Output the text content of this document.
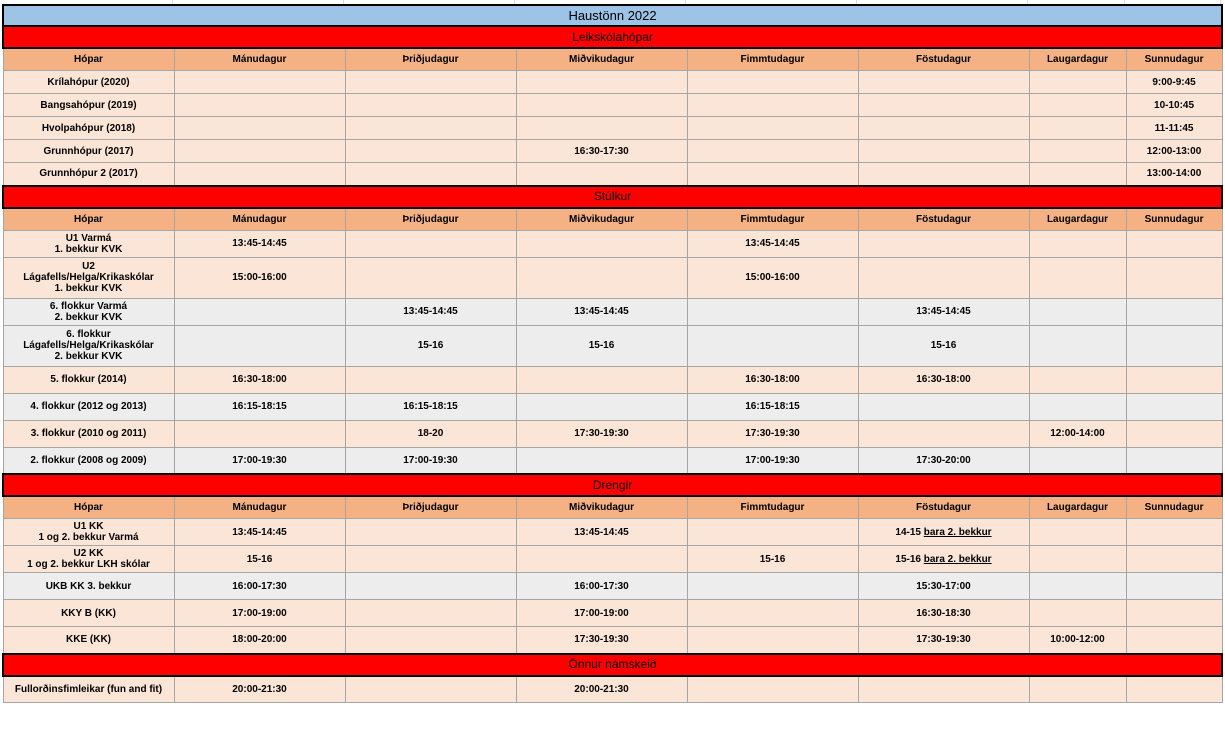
Haustönn 2022							
Leikskólahópar							
Hópar	Mánudagur	Þriðjudagur	Miðvikudagur	Fimmtudagur	Föstudagur	Laugardagur	Sunnudagur
Krílahópur (2020)							9:00-9:45
Bangsahópur (2019)							10-10:45
Hvolpahópur (2018)							11-11:45
Grunnhópur (2017)			16:30-17:30				12:00-13:00
Grunnhópur 2 (2017)							13:00-14:00
Stúlkur							
Hópar	Mánudagur	Þriðjudagur	Miðvikudagur	Fimmtudagur	Föstudagur	Laugardagur	Sunnudagur
U1 Varmá
1. bekkur KVK	13:45-14:45			13:45-14:45			
U2
Lágafells/Helga/Krikaskólar
1. bekkur KVK	15:00-16:00			15:00-16:00			
6. flokkur Varmá
2. bekkur KVK		13:45-14:45	13:45-14:45		13:45-14:45		
6. flokkur
Lágafells/Helga/Krikaskólar
2. bekkur KVK		15-16	15-16		15-16		
5. flokkur (2014)	16:30-18:00			16:30-18:00	16:30-18:00		
4. flokkur (2012 og 2013)	16:15-18:15	16:15-18:15		16:15-18:15			
3. flokkur (2010 og 2011)		18-20	17:30-19:30	17:30-19:30		12:00-14:00	
2. flokkur (2008 og 2009)	17:00-19:30	17:00-19:30		17:00-19:30	17:30-20:00		
Drengir							
Hópar	Mánudagur	Þriðjudagur	Miðvikudagur	Fimmtudagur	Föstudagur	Laugardagur	Sunnudagur
U1 KK
1 og 2. bekkur Varmá	13:45-14:45		13:45-14:45		14-15 bara 2. bekkur		
U2 KK
1 og 2. bekkur LKH skólar	15-16			15-16	15-16 bara 2. bekkur		
UKB KK 3. bekkur	16:00-17:30		16:00-17:30		15:30-17:00		
KKY B (KK)	17:00-19:00		17:00-19:00		16:30-18:30		
KKE (KK)	18:00-20:00		17:30-19:30		17:30-19:30	10:00-12:00	
Önnur námskeið							
Fullorðinsfimleikar (fun and fit)	20:00-21:30		20:00-21:30				
